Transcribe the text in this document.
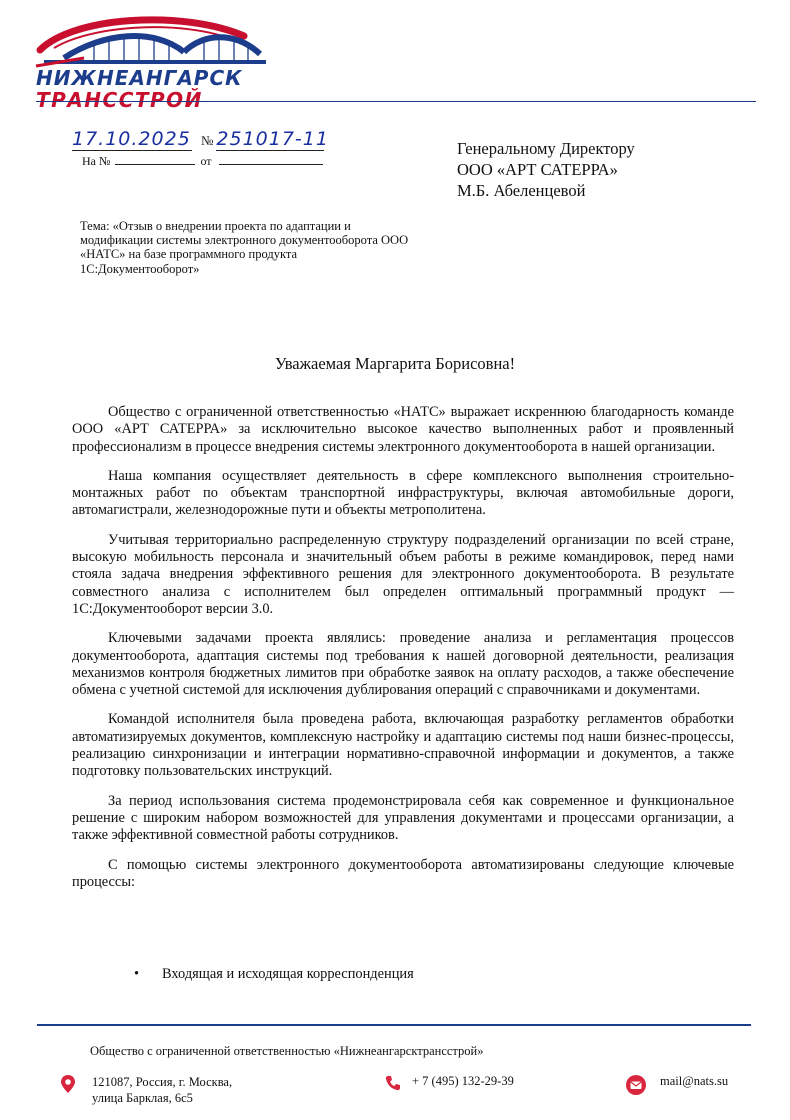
НИЖНЕАНГАРСК
ТРАНССТРОЙ
17.10.2025 № 251017-11
На №	от
Генеральному Директору
ООО «АРТ САТЕРРА»
М.Б. Абеленцевой
Тема: «Отзыв о внедрении проекта по адаптации и модификации системы электронного документооборота ООО «НАТС» на базе программного продукта 1С:Документооборот»
Уважаемая Маргарита Борисовна!

Общество с ограниченной ответственностью «НАТС» выражает искреннюю благодарность команде ООО «АРТ САТЕРРА» за исключительно высокое качество выполненных работ и проявленный профессионализм в процессе внедрения системы электронного документооборота в нашей организации.

Наша компания осуществляет деятельность в сфере комплексного выполнения строительно-монтажных работ по объектам транспортной инфраструктуры, включая автомобильные дороги, автомагистрали, железнодорожные пути и объекты метрополитена.

Учитывая территориально распределенную структуру подразделений организации по всей стране, высокую мобильность персонала и значительный объем работы в режиме командировок, перед нами стояла задача внедрения эффективного решения для электронного документооборота. В результате совместного анализа с исполнителем был определен оптимальный программный продукт — 1С:Документооборот версии 3.0.

Ключевыми задачами проекта являлись: проведение анализа и регламентация процессов документооборота, адаптация системы под требования к нашей договорной деятельности, реализация механизмов контроля бюджетных лимитов при обработке заявок на оплату расходов, а также обеспечение обмена с учетной системой для исключения дублирования операций с справочниками и документами.

Командой исполнителя была проведена работа, включающая разработку регламентов обработки автоматизируемых документов, комплексную настройку и адаптацию системы под наши бизнес-процессы, реализацию синхронизации и интеграции нормативно-справочной информации и документов, а также подготовку пользовательских инструкций.

За период использования система продемонстрировала себя как современное и функциональное решение с широким набором возможностей для управления документами и процессами организации, а также эффективной совместной работы сотрудников.

С помощью системы электронного документооборота автоматизированы следующие ключевые процессы:

• Входящая и исходящая корреспонденция
Общество с ограниченной ответственностью «Нижнеангарсктрансстрой»
121087, Россия, г. Москва,
улица Барклая, 6с5
+ 7 (495) 132-29-39	mail@nats.su
